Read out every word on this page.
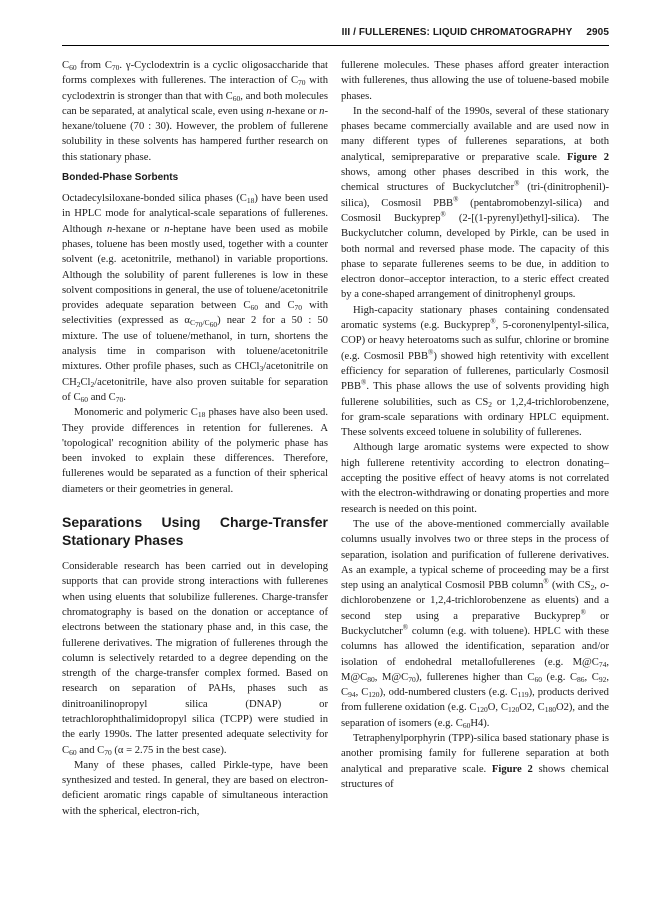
III / FULLERENES: LIQUID CHROMATOGRAPHY 2905

$C_{60}$ from $C_{70}$. γ-Cyclodextrin is a cyclic oligosaccharide that forms complexes with fullerenes. The interaction of $C_{70}$ with cyclodextrin is stronger than that with $C_{60}$, and both molecules can be separated, at analytical scale, even using n-hexane or n-hexane/toluene (70 : 30). However, the problem of fullerene solubility in these solvents has hampered further research on this stationary phase.

Bonded-Phase Sorbents

Octadecylsiloxane-bonded silica phases $(C_{18})$ have been used in HPLC mode for analytical-scale separations of fullerenes. Although n-hexane or n-heptane have been used as mobile phases, toluene has been mostly used, together with a counter solvent (e.g. acetonitrile, methanol) in variable proportions. Although the solubility of parent fullerenes is low in these solvent compositions in general, the use of toluene/acetonitrile provides adequate separation between $C_{60}$ and $C_{70}$ with selectivities (expressed as $\alpha_{C_{70}/C_{60}}$) near 2 for a 50 : 50 mixture. The use of toluene/methanol, in turn, shortens the analysis time in comparison with toluene/acetonitrile mixtures. Other profile phases, such as CHCl$_3$/acetonitrile on $CH_2Cl_2$/acetonitrile, have also proven suitable for separation of $C_{60}$ and $C_{70}$.

Monomeric and polymeric $C_{18}$ phases have also been used. They provide differences in retention for fullerenes. A 'topological' recognition ability of the polymeric phase has been invoked to explain these differences. Therefore, fullerenes would be separated as a function of their spherical diameters or their geometries in general.

Separations Using Charge-Transfer Stationary Phases

Considerable research has been carried out in developing supports that can provide strong interactions with fullerenes when using eluents that solubilize fullerenes. Charge-transfer chromatography is based on the donation or acceptance of electrons between the stationary phase and, in this case, the fullerene derivatives. The migration of fullerenes through the column is selectively retarded to a degree depending on the strength of the charge-transfer complex formed. Based on research on separation of PAHs, phases such as dinitroanilinopropyl silica (DNAP) or tetrachlorophthalimidopropyl silica (TCPP) were studied in the early 1990s. The latter presented adequate selectivity for $C_{60}$ and $C_{70}$ (α = 2.75 in the best case).

Many of these phases, called Pirkle-type, have been synthesized and tested. In general, they are based on electron-deficient aromatic rings capable of simultaneous interaction with the spherical, electron-rich,

fullerene molecules. These phases afford greater interaction with fullerenes, thus allowing the use of toluene-based mobile phases.

In the second-half of the 1990s, several of these stationary phases became commercially available and are used now in many different types of fullerenes separations, at both analytical, semipreparative or preparative scale. Figure 2 shows, among other phases described in this work, the chemical structures of Buckyclutcher® (tri-(dinitrophenil)-silica), Cosmosil PBB® (pentabromobenzyl-silica) and Cosmosil Buckyprep® (2-[(1-pyrenyl)ethyl]-silica). The Buckyclutcher column, developed by Pirkle, can be used in both normal and reversed phase mode. The capacity of this phase to separate fullerenes seems to be due, in addition to electron donor–acceptor interaction, to a steric effect created by a cone-shaped arrangement of dinitrophenyl groups.

High-capacity stationary phases containing condensated aromatic systems (e.g. Buckyprep®, 5-coronenylpentyl-silica, COP) or heavy heteroatoms such as sulfur, chlorine or bromine (e.g. Cosmosil PBB®) showed high retentivity with excellent efficiency for separation of fullerenes, particularly Cosmosil PBB®. This phase allows the use of solvents providing high fullerene solubilities, such as $CS_2$ or 1,2,4-trichlorobenzene, for gram-scale separations with ordinary HPLC equipment. These solvents exceed toluene in solubility of fullerenes.

Although large aromatic systems were expected to show high fullerene retentivity according to electron donating–accepting the positive effect of heavy atoms is not correlated with the electron-withdrawing or donating properties and more research is needed on this point.

The use of the above-mentioned commercially available columns usually involves two or three steps in the process of separation, isolation and purification of fullerene derivatives. As an example, a typical scheme of proceeding may be a first step using an analytical Cosmosil PBB column® (with $CS_2$, o-dichlorobenzene or 1,2,4-trichlorobenzene as eluents) and a second step using a preparative Buckyprep® or Buckyclutcher® column (e.g. with toluene). HPLC with these columns has allowed the identification, separation and/or isolation of endohedral metallofullerenes (e.g. $M@C_{74}$, $M@C_{80}$, $M@C_{70}$), fullerenes higher than $C_{60}$ (e.g. $C_{86}$, $C_{92}$, $C_{94}$, $C_{120}$), odd-numbered clusters (e.g. $C_{119}$), products derived from fullerene oxidation (e.g. $C_{120}O$, $C_{120}O2$, $C_{180}O2$), and the separation of isomers (e.g. $C_{60}H4$).

Tetraphenylporphyrin (TPP)-silica based stationary phase is another promising family for fullerene separation at both analytical and preparative scale. Figure 2 shows chemical structures of
